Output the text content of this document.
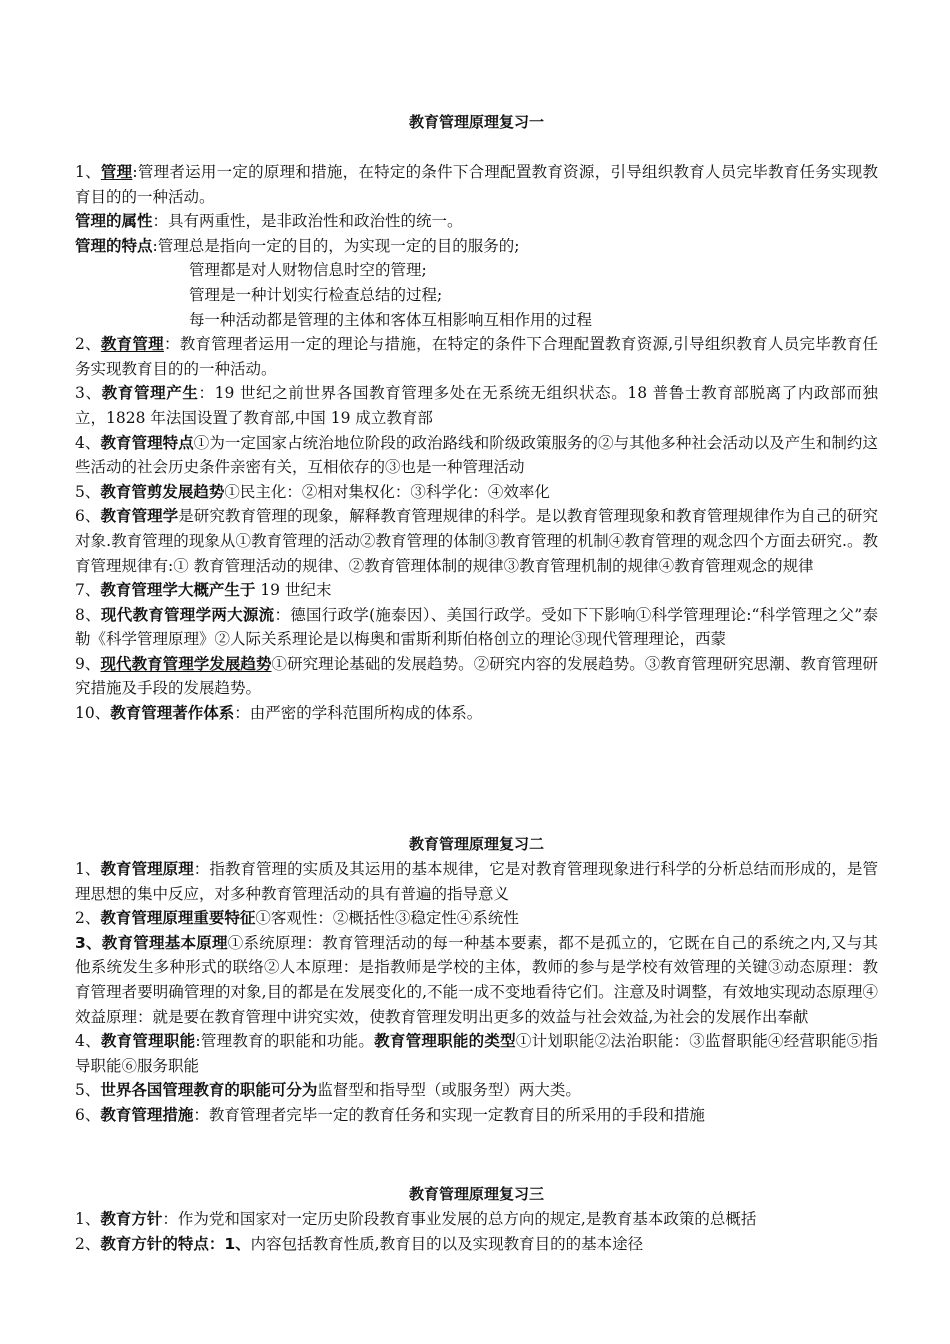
教育管理原理复习一
1、管理:管理者运用一定的原理和措施，在特定的条件下合理配置教育资源，引导组织教育人员完毕教育任务实现教育目的的一种活动。
管理的属性：具有两重性，是非政治性和政治性的统一。
管理的特点:管理总是指向一定的目的，为实现一定的目的服务的;
管理都是对人财物信息时空的管理;
管理是一种计划实行检查总结的过程;
每一种活动都是管理的主体和客体互相影响互相作用的过程
2、教育管理：教育管理者运用一定的理论与措施，在特定的条件下合理配置教育资源,引导组织教育人员完毕教育任务实现教育目的的一种活动。
3、教育管理产生：19 世纪之前世界各国教育管理多处在无系统无组织状态。18 普鲁士教育部脱离了内政部而独立，1828 年法国设置了教育部,中国 19 成立教育部
4、教育管理特点①为一定国家占统治地位阶段的政治路线和阶级政策服务的②与其他多种社会活动以及产生和制约这些活动的社会历史条件亲密有关，互相依存的③也是一种管理活动
5、教育管剪发展趋势①民主化：②相对集权化：③科学化：④效率化
6、教育管理学是研究教育管理的现象，解释教育管理规律的科学。是以教育管理现象和教育管理规律作为自己的研究对象.教育管理的现象从①教育管理的活动②教育管理的体制③教育管理的机制④教育管理的观念四个方面去研究.。教育管理规律有:① 教育管理活动的规律、②教育管理体制的规律③教育管理机制的规律④教育管理观念的规律
7、教育管理学大概产生于 19 世纪末
8、现代教育管理学两大源流：德国行政学(施泰因）、美国行政学。受如下下影响①科学管理理论:“科学管理之父”泰勒《科学管理原理》②人际关系理论是以梅奥和雷斯利斯伯格创立的理论③现代管理理论，西蒙
9、现代教育管理学发展趋势①研究理论基础的发展趋势。②研究内容的发展趋势。③教育管理研究思潮、教育管理研究措施及手段的发展趋势。
10、教育管理著作体系：由严密的学科范围所构成的体系。
教育管理原理复习二
1、教育管理原理：指教育管理的实质及其运用的基本规律，它是对教育管理现象进行科学的分析总结而形成的，是管理思想的集中反应，对多种教育管理活动的具有普遍的指导意义
2、教育管理原理重要特征①客观性：②概括性③稳定性④系统性
3、教育管理基本原理①系统原理：教育管理活动的每一种基本要素，都不是孤立的，它既在自己的系统之内,又与其他系统发生多种形式的联络②人本原理：是指教师是学校的主体，教师的参与是学校有效管理的关键③动态原理：教育管理者要明确管理的对象,目的都是在发展变化的,不能一成不变地看待它们。注意及时调整，有效地实现动态原理④效益原理：就是要在教育管理中讲究实效，使教育管理发明出更多的效益与社会效益,为社会的发展作出奉献
4、教育管理职能:管理教育的职能和功能。教育管理职能的类型①计划职能②法治职能：③监督职能④经营职能⑤指导职能⑥服务职能
5、世界各国管理教育的职能可分为监督型和指导型（或服务型）两大类。
6、教育管理措施：教育管理者完毕一定的教育任务和实现一定教育目的所采用的手段和措施
教育管理原理复习三
1、教育方针：作为党和国家对一定历史阶段教育事业发展的总方向的规定,是教育基本政策的总概括
2、教育方针的特点：1、内容包括教育性质,教育目的以及实现教育目的的基本途径
